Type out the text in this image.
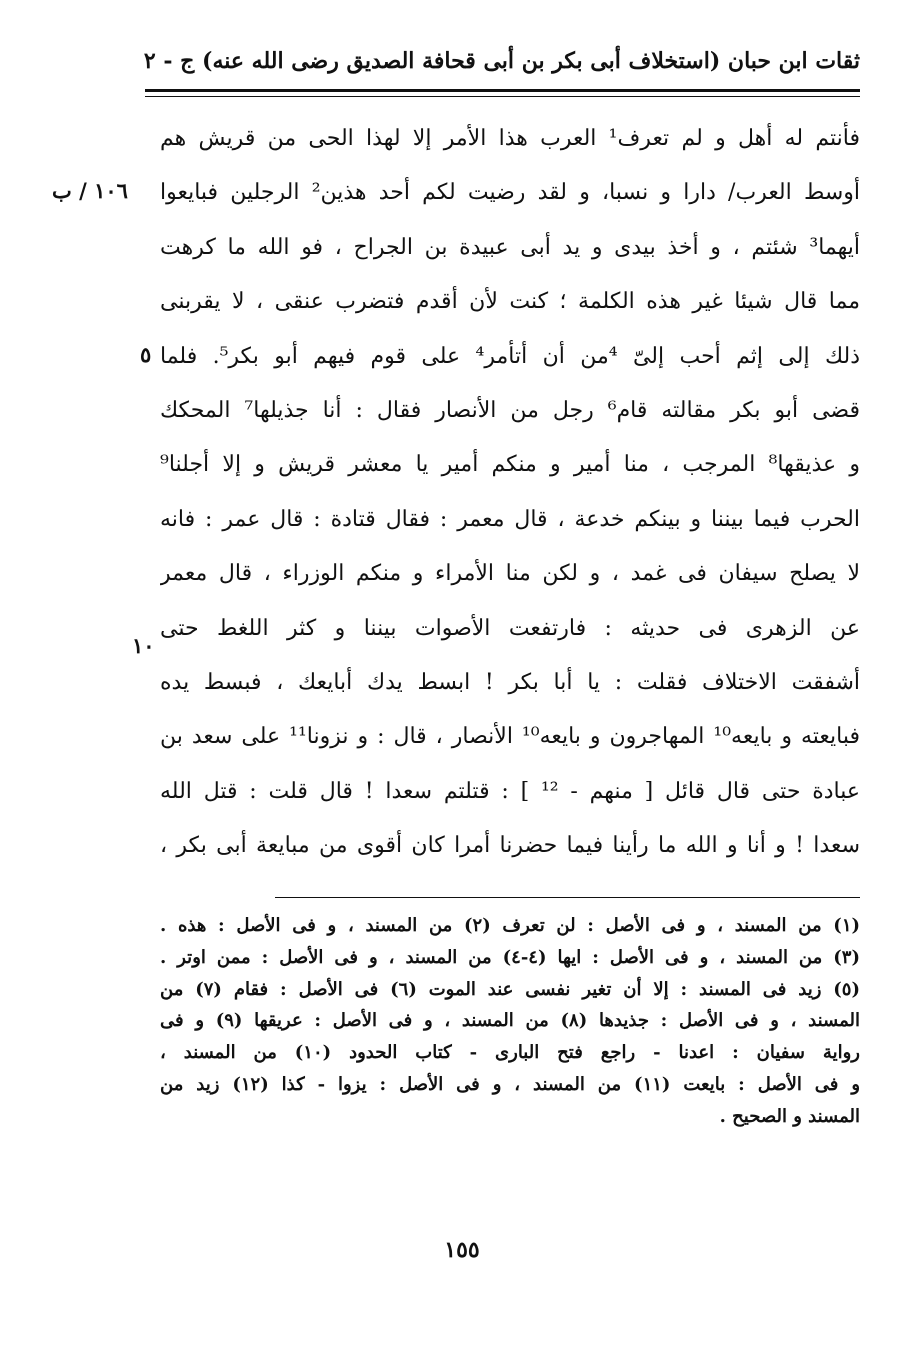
ثقات ابن حبان (استخلاف أبى بكر بن أبى قحافة الصديق رضى الله عنه) ج - ٢
١٠٦ / ب
٥
١٠
فأنتم له أهل و لم تعرف¹ العرب هذا الأمر إلا لهذا الحى من قريش هم
أوسط العرب/ دارا و نسبا، و لقد رضيت لكم أحد هذين² الرجلين فبايعوا
أيهما³ شئتم ، و أخذ بيدى و يد أبى عبيدة بن الجراح ، فو الله ما كرهت
مما قال شيئا غير هذه الكلمة ؛ كنت لأن أقدم فتضرب عنقى ، لا يقربنى
ذلك إلى إثم أحب إلىّ ⁴من أن أتأمر⁴ على قوم فيهم أبو بكر⁵. فلما
قضى أبو بكر مقالته قام⁶ رجل من الأنصار فقال : أنا جذيلها⁷ المحكك
و عذيقها⁸ المرجب ، منا أمير و منكم أمير يا معشر قريش و إلا أجلنا⁹
الحرب فيما بيننا و بينكم خدعة ، قال معمر : فقال قتادة : قال عمر : فانه
لا يصلح سيفان فى غمد ، و لكن منا الأمراء و منكم الوزراء ، قال معمر
عن الزهرى فى حديثه : فارتفعت الأصوات بيننا و كثر اللغط حتى
أشفقت الاختلاف فقلت : يا أبا بكر ! ابسط يدك أبايعك ، فبسط يده
فبايعته و بايعه¹⁰ المهاجرون و بايعه¹⁰ الأنصار ، قال : و نزونا¹¹ على سعد بن
عبادة حتى قال قائل [ منهم - ¹² ] : قتلتم سعدا ! قال قلت : قتل الله
سعدا ! و أنا و الله ما رأينا فيما حضرنا أمرا كان أقوى من مبايعة أبى بكر ،
(١) من المسند ، و فى الأصل : لن تعرف (٢) من المسند ، و فى الأصل : هذه .
(٣) من المسند ، و فى الأصل : ايها (٤-٤) من المسند ، و فى الأصل : ممن اوتر .
(٥) زيد فى المسند : إلا أن تغير نفسى عند الموت (٦) فى الأصل : فقام (٧) من
المسند ، و فى الأصل : جذيدها (٨) من المسند ، و فى الأصل : عريقها (٩) و فى
رواية سفيان : اعدنا - راجع فتح البارى - كتاب الحدود (١٠) من المسند ،
و فى الأصل : بايعت (١١) من المسند ، و فى الأصل : يزوا - كذا (١٢) زيد من
المسند و الصحيح .
١٥٥
